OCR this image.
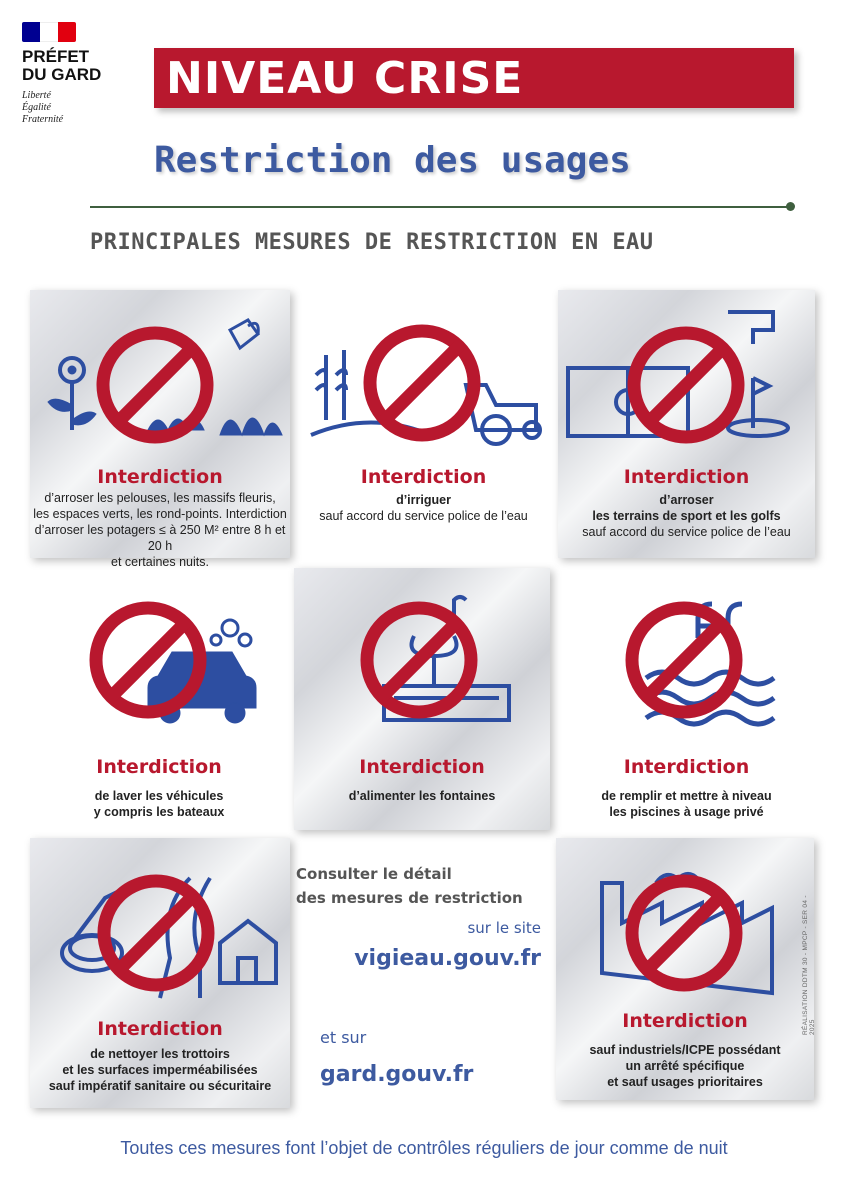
PRÉFET
DU GARD
Liberté
Égalité
Fraternité
NIVEAU CRISE
Restriction des usages
PRINCIPALES MESURES DE RESTRICTION EN EAU
Interdiction
d’arroser les pelouses, les massifs fleuris,
les espaces verts, les rond-points. Interdiction
d’arroser les potagers ≤ à 250 M² entre 8 h et 20 h
et certaines nuits.
Interdiction
d’irriguer
sauf accord du service police de l’eau
Interdiction
d’arroser
les terrains de sport et les golfs
sauf accord du service police de l’eau
Interdiction
de laver les véhicules
y compris les bateaux
Interdiction
d’alimenter les fontaines
Interdiction
de remplir et mettre à niveau
les piscines à usage privé
Interdiction
de nettoyer les trottoirs
et les surfaces imperméabilisées
sauf impératif sanitaire ou sécuritaire
Consulter le détail
des mesures de restriction
sur le site
vigieau.gouv.fr
et sur
gard.gouv.fr
Interdiction
sauf industriels/ICPE possédant
un arrêté spécifique
et sauf usages prioritaires
Toutes ces mesures font l’objet de contrôles réguliers de jour comme de nuit
RÉALISATION DDTM 30 - MPCP - SER 04 - 2025
